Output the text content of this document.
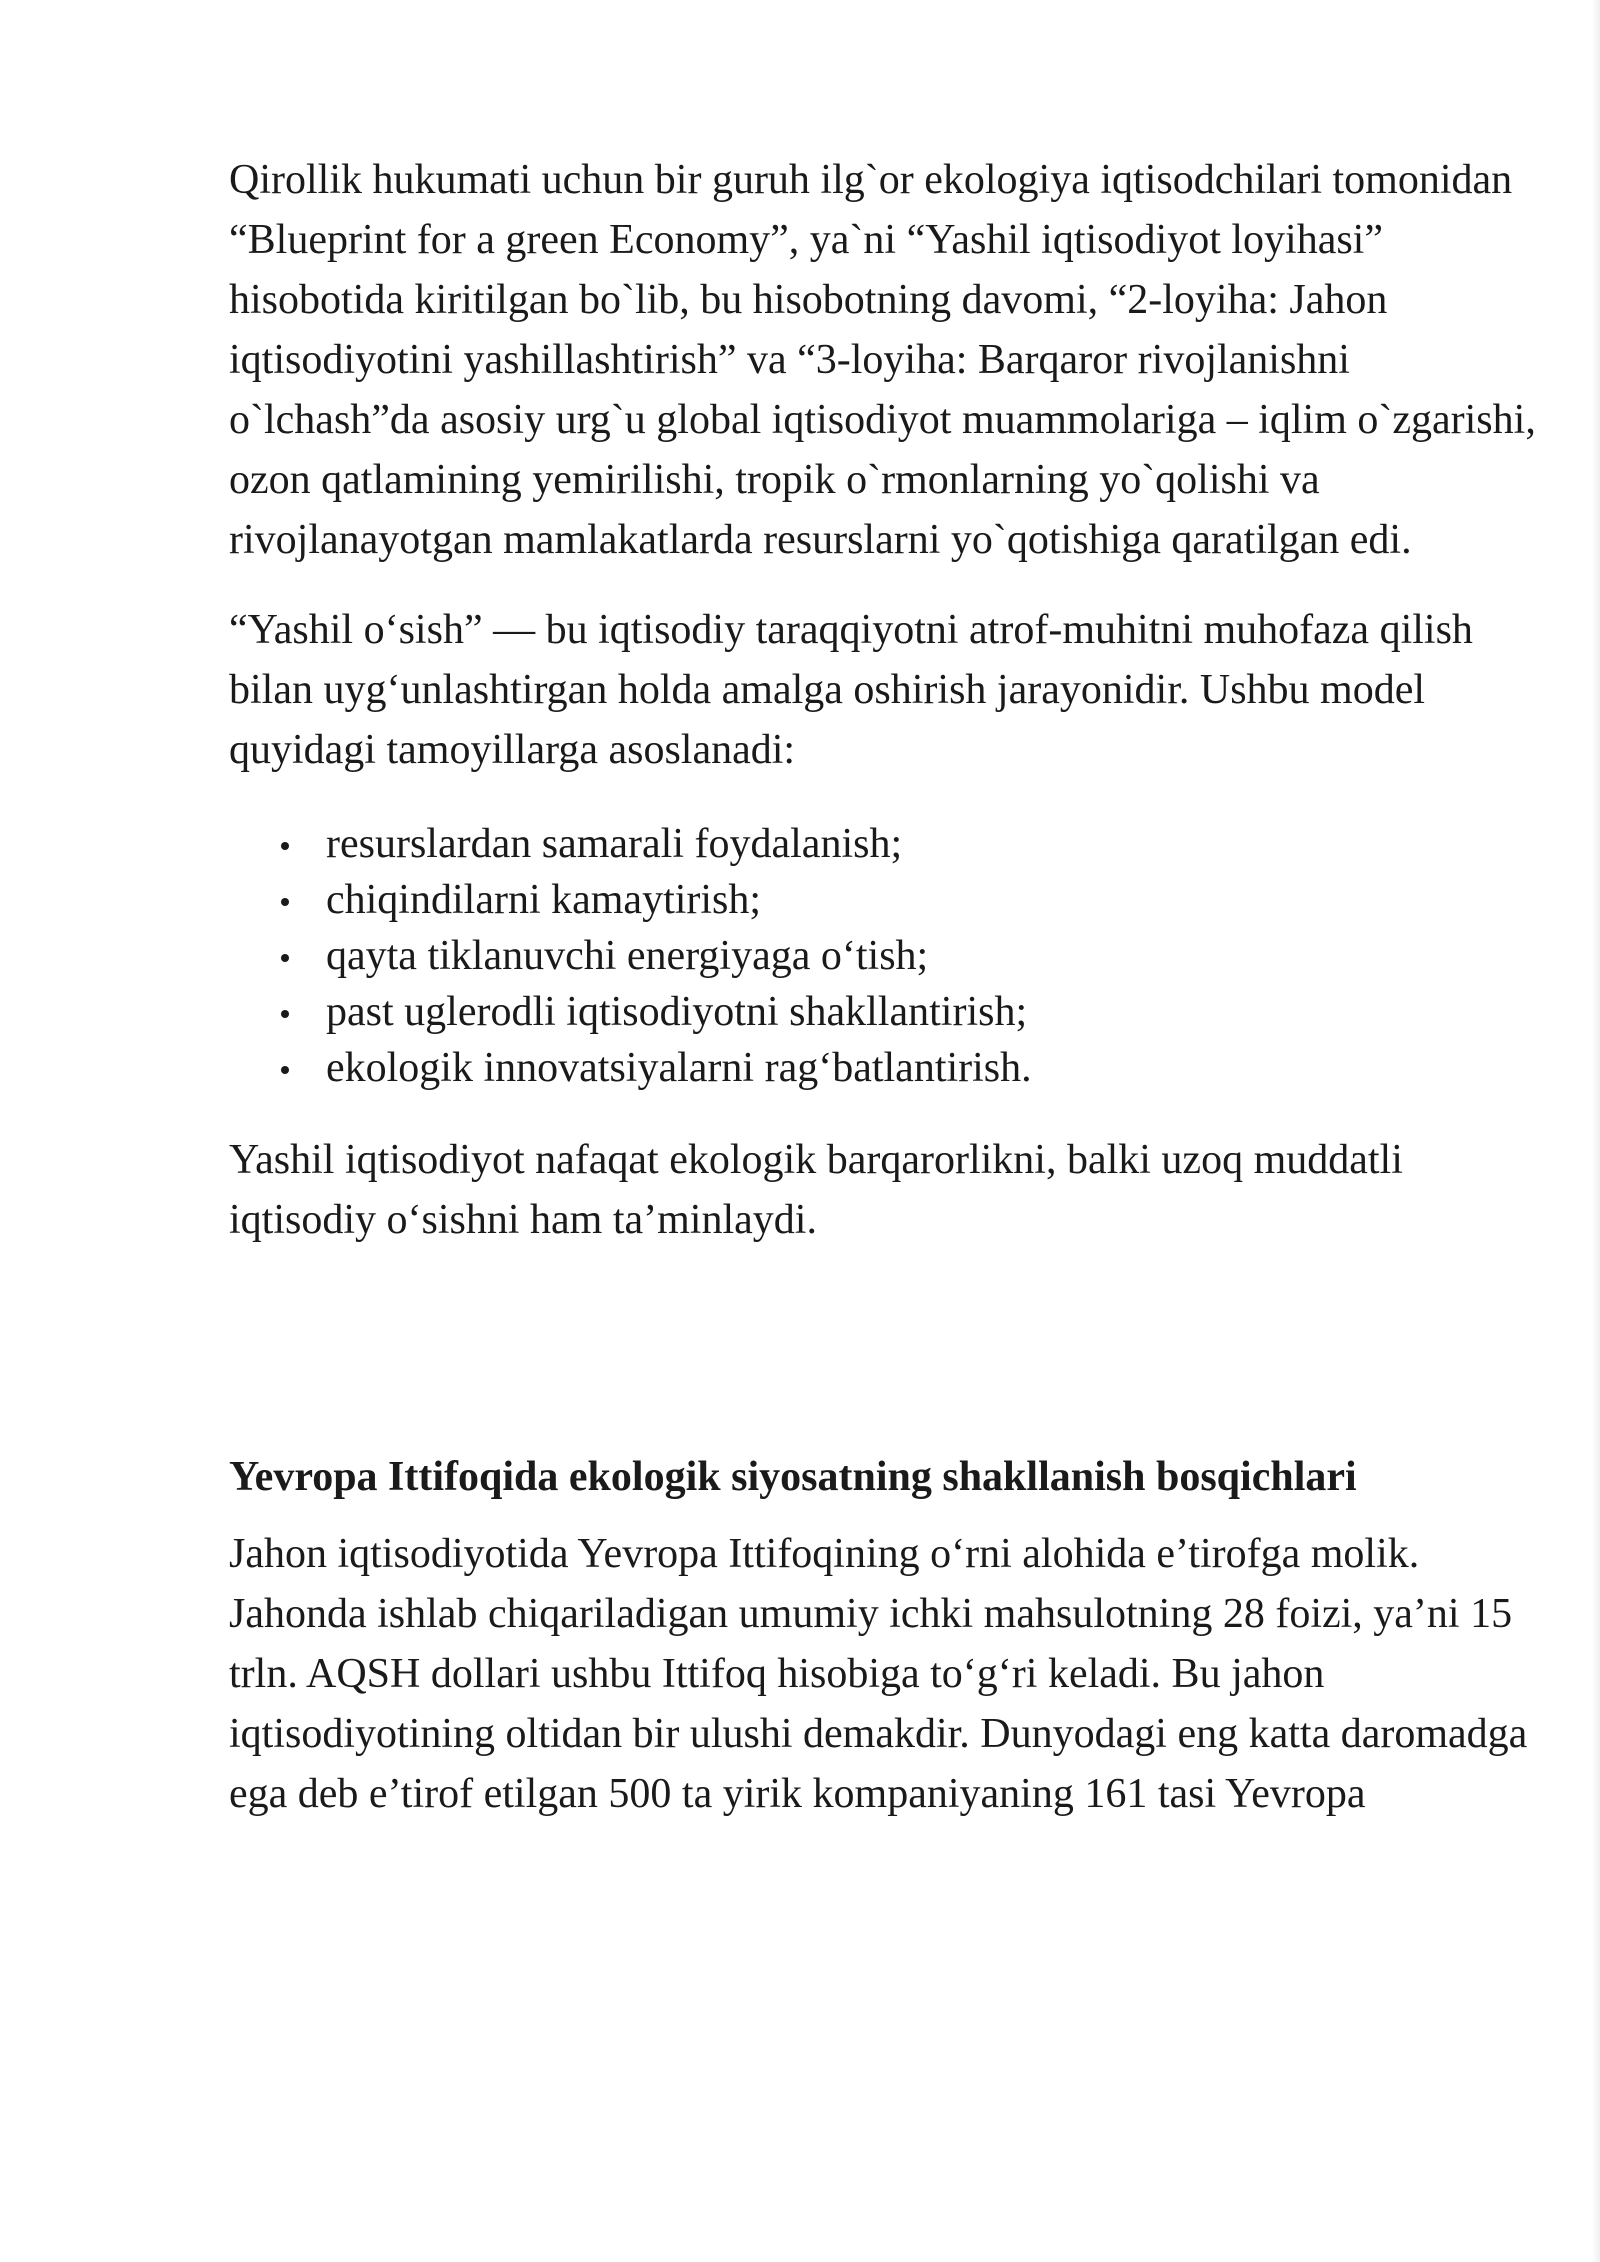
Qirollik hukumati uchun bir guruh ilg`or ekologiya iqtisodchilari tomonidan “Blueprint for a green Economy”, ya`ni “Yashil iqtisodiyot loyihasi” hisobotida kiritilgan bo`lib, bu hisobotning davomi, “2-loyiha: Jahon iqtisodiyotini yashillashtirish” va “3-loyiha: Barqaror rivojlanishni o`lchash”da asosiy urg`u global iqtisodiyot muammolariga – iqlim o`zgarishi, ozon qatlamining yemirilishi, tropik o`rmonlarning yo`qolishi va rivojlanayotgan mamlakatlarda resurslarni yo`qotishiga qaratilgan edi.

“Yashil o‘sish” — bu iqtisodiy taraqqiyotni atrof-muhitni muhofaza qilish bilan uyg‘unlashtirgan holda amalga oshirish jarayonidir. Ushbu model quyidagi tamoyillarga asoslanadi:

resurslardan samarali foydalanish;
chiqindilarni kamaytirish;
qayta tiklanuvchi energiyaga o‘tish;
past uglerodli iqtisodiyotni shakllantirish;
ekologik innovatsiyalarni rag‘batlantirish.

Yashil iqtisodiyot nafaqat ekologik barqarorlikni, balki uzoq muddatli iqtisodiy o‘sishni ham ta’minlaydi.

Yevropa Ittifoqida ekologik siyosatning shakllanish bosqichlari

Jahon iqtisodiyotida Yevropa Ittifoqining o‘rni alohida e’tirofga molik. Jahonda ishlab chiqariladigan umumiy ichki mahsulotning 28 foizi, ya’ni 15 trln. AQSH dollari ushbu Ittifoq hisobiga to‘g‘ri keladi. Bu jahon iqtisodiyotining oltidan bir ulushi demakdir. Dunyodagi eng katta daromadga ega deb e’tirof etilgan 500 ta yirik kompaniyaning 161 tasi Yevropa
